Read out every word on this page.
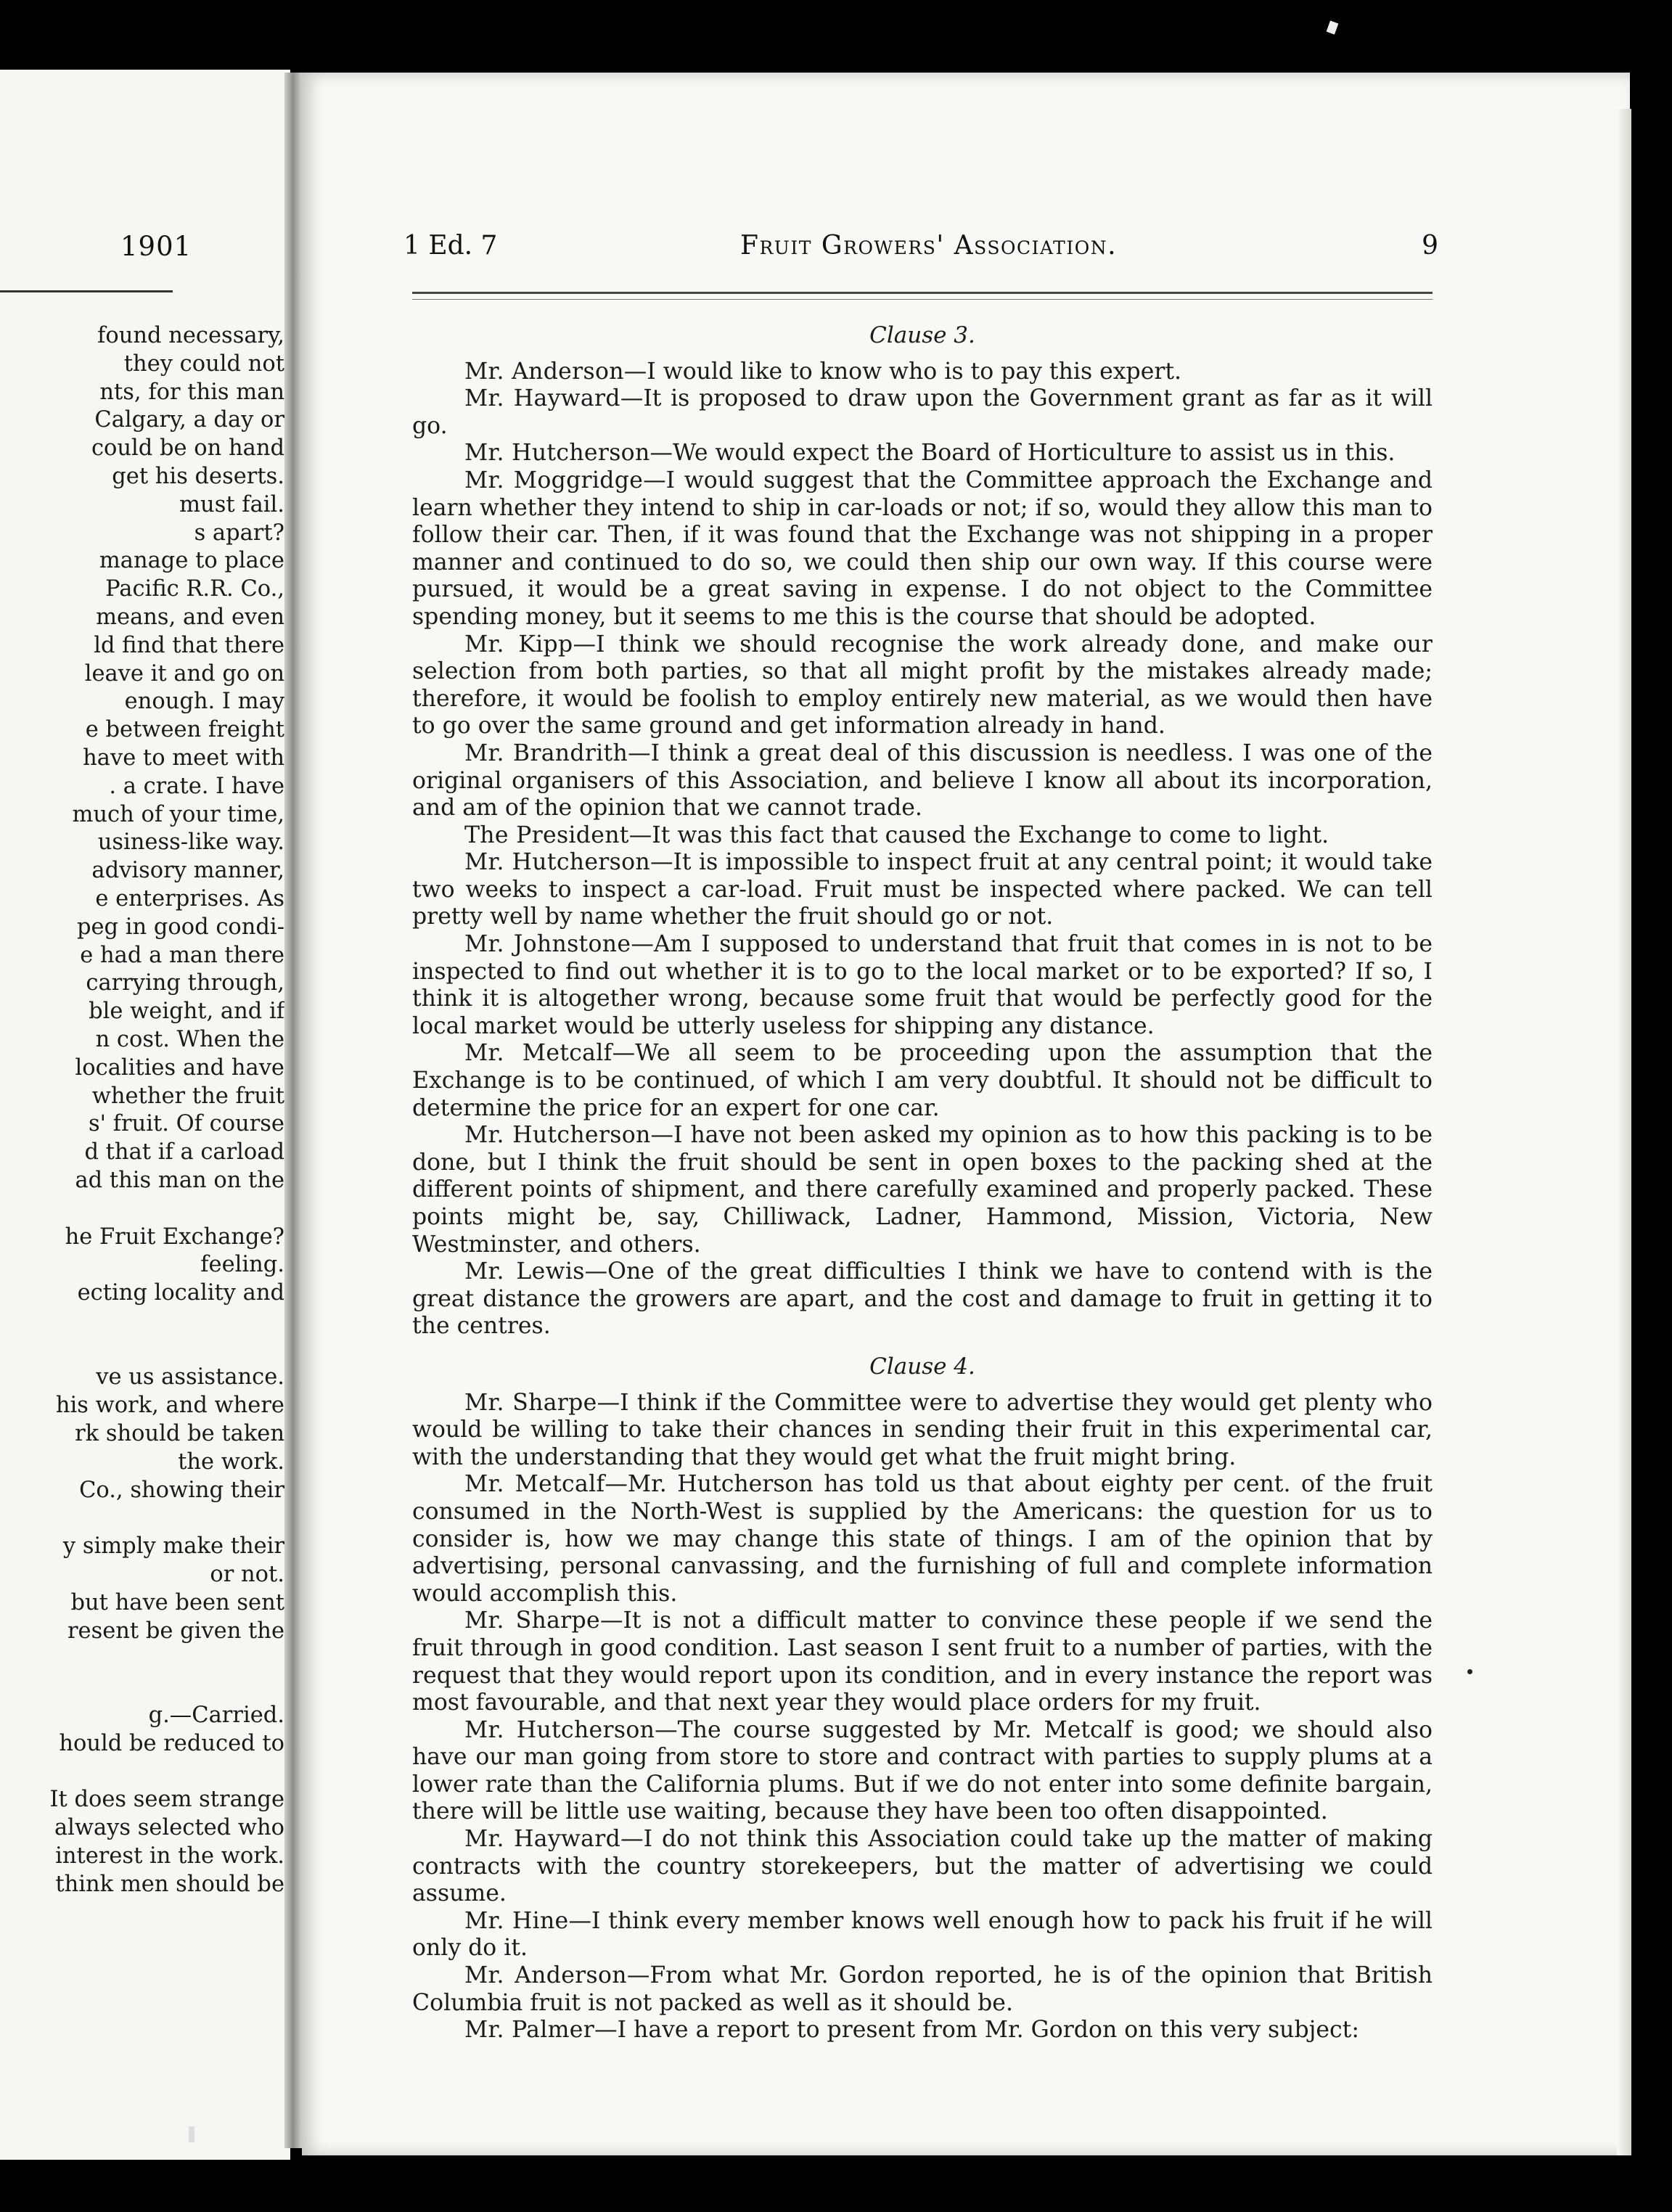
1901
found necessary,
they could not
nts, for this man
Calgary, a day or
could be on hand
get his deserts.
must fail.
s apart?
manage to place
Pacific R.R. Co.,
means, and even
ld find that there
leave it and go on
enough. I may
e between freight
have to meet with
. a crate. I have
much of your time,
usiness-like way.
advisory manner,
e enterprises. As
peg in good condi-
e had a man there
carrying through,
ble weight, and if
n cost. When the
localities and have
whether the fruit
s' fruit. Of course
d that if a carload
ad this man on the
he Fruit Exchange?
feeling.
ecting locality and
ve us assistance.
his work, and where
rk should be taken
the work.
Co., showing their
y simply make their
or not.
but have been sent
resent be given the
g.—Carried.
hould be reduced to
It does seem strange
always selected who
interest in the work.
think men should be
1 Ed. 7	Fruit Growers' Association.	9

Clause 3.

Mr. Anderson—I would like to know who is to pay this expert.

Mr. Hayward—It is proposed to draw upon the Government grant as far as it will go.

Mr. Hutcherson—We would expect the Board of Horticulture to assist us in this.

Mr. Moggridge—I would suggest that the Committee approach the Exchange and learn whether they intend to ship in car-loads or not; if so, would they allow this man to follow their car. Then, if it was found that the Exchange was not shipping in a proper manner and continued to do so, we could then ship our own way. If this course were pursued, it would be a great saving in expense. I do not object to the Committee spending money, but it seems to me this is the course that should be adopted.

Mr. Kipp—I think we should recognise the work already done, and make our selection from both parties, so that all might profit by the mistakes already made; therefore, it would be foolish to employ entirely new material, as we would then have to go over the same ground and get information already in hand.

Mr. Brandrith—I think a great deal of this discussion is needless. I was one of the original organisers of this Association, and believe I know all about its incorporation, and am of the opinion that we cannot trade.

The President—It was this fact that caused the Exchange to come to light.

Mr. Hutcherson—It is impossible to inspect fruit at any central point; it would take two weeks to inspect a car-load. Fruit must be inspected where packed. We can tell pretty well by name whether the fruit should go or not.

Mr. Johnstone—Am I supposed to understand that fruit that comes in is not to be inspected to find out whether it is to go to the local market or to be exported? If so, I think it is altogether wrong, because some fruit that would be perfectly good for the local market would be utterly useless for shipping any distance.

Mr. Metcalf—We all seem to be proceeding upon the assumption that the Exchange is to be continued, of which I am very doubtful. It should not be difficult to determine the price for an expert for one car.

Mr. Hutcherson—I have not been asked my opinion as to how this packing is to be done, but I think the fruit should be sent in open boxes to the packing shed at the different points of shipment, and there carefully examined and properly packed. These points might be, say, Chilliwack, Ladner, Hammond, Mission, Victoria, New Westminster, and others.

Mr. Lewis—One of the great difficulties I think we have to contend with is the great distance the growers are apart, and the cost and damage to fruit in getting it to the centres.

Clause 4.

Mr. Sharpe—I think if the Committee were to advertise they would get plenty who would be willing to take their chances in sending their fruit in this experimental car, with the understanding that they would get what the fruit might bring.

Mr. Metcalf—Mr. Hutcherson has told us that about eighty per cent. of the fruit consumed in the North-West is supplied by the Americans: the question for us to consider is, how we may change this state of things. I am of the opinion that by advertising, personal canvassing, and the furnishing of full and complete information would accomplish this.

Mr. Sharpe—It is not a difficult matter to convince these people if we send the fruit through in good condition. Last season I sent fruit to a number of parties, with the request that they would report upon its condition, and in every instance the report was most favourable, and that next year they would place orders for my fruit.

Mr. Hutcherson—The course suggested by Mr. Metcalf is good; we should also have our man going from store to store and contract with parties to supply plums at a lower rate than the California plums. But if we do not enter into some definite bargain, there will be little use waiting, because they have been too often disappointed.

Mr. Hayward—I do not think this Association could take up the matter of making contracts with the country storekeepers, but the matter of advertising we could assume.

Mr. Hine—I think every member knows well enough how to pack his fruit if he will only do it.

Mr. Anderson—From what Mr. Gordon reported, he is of the opinion that British Columbia fruit is not packed as well as it should be.

Mr. Palmer—I have a report to present from Mr. Gordon on this very subject:
